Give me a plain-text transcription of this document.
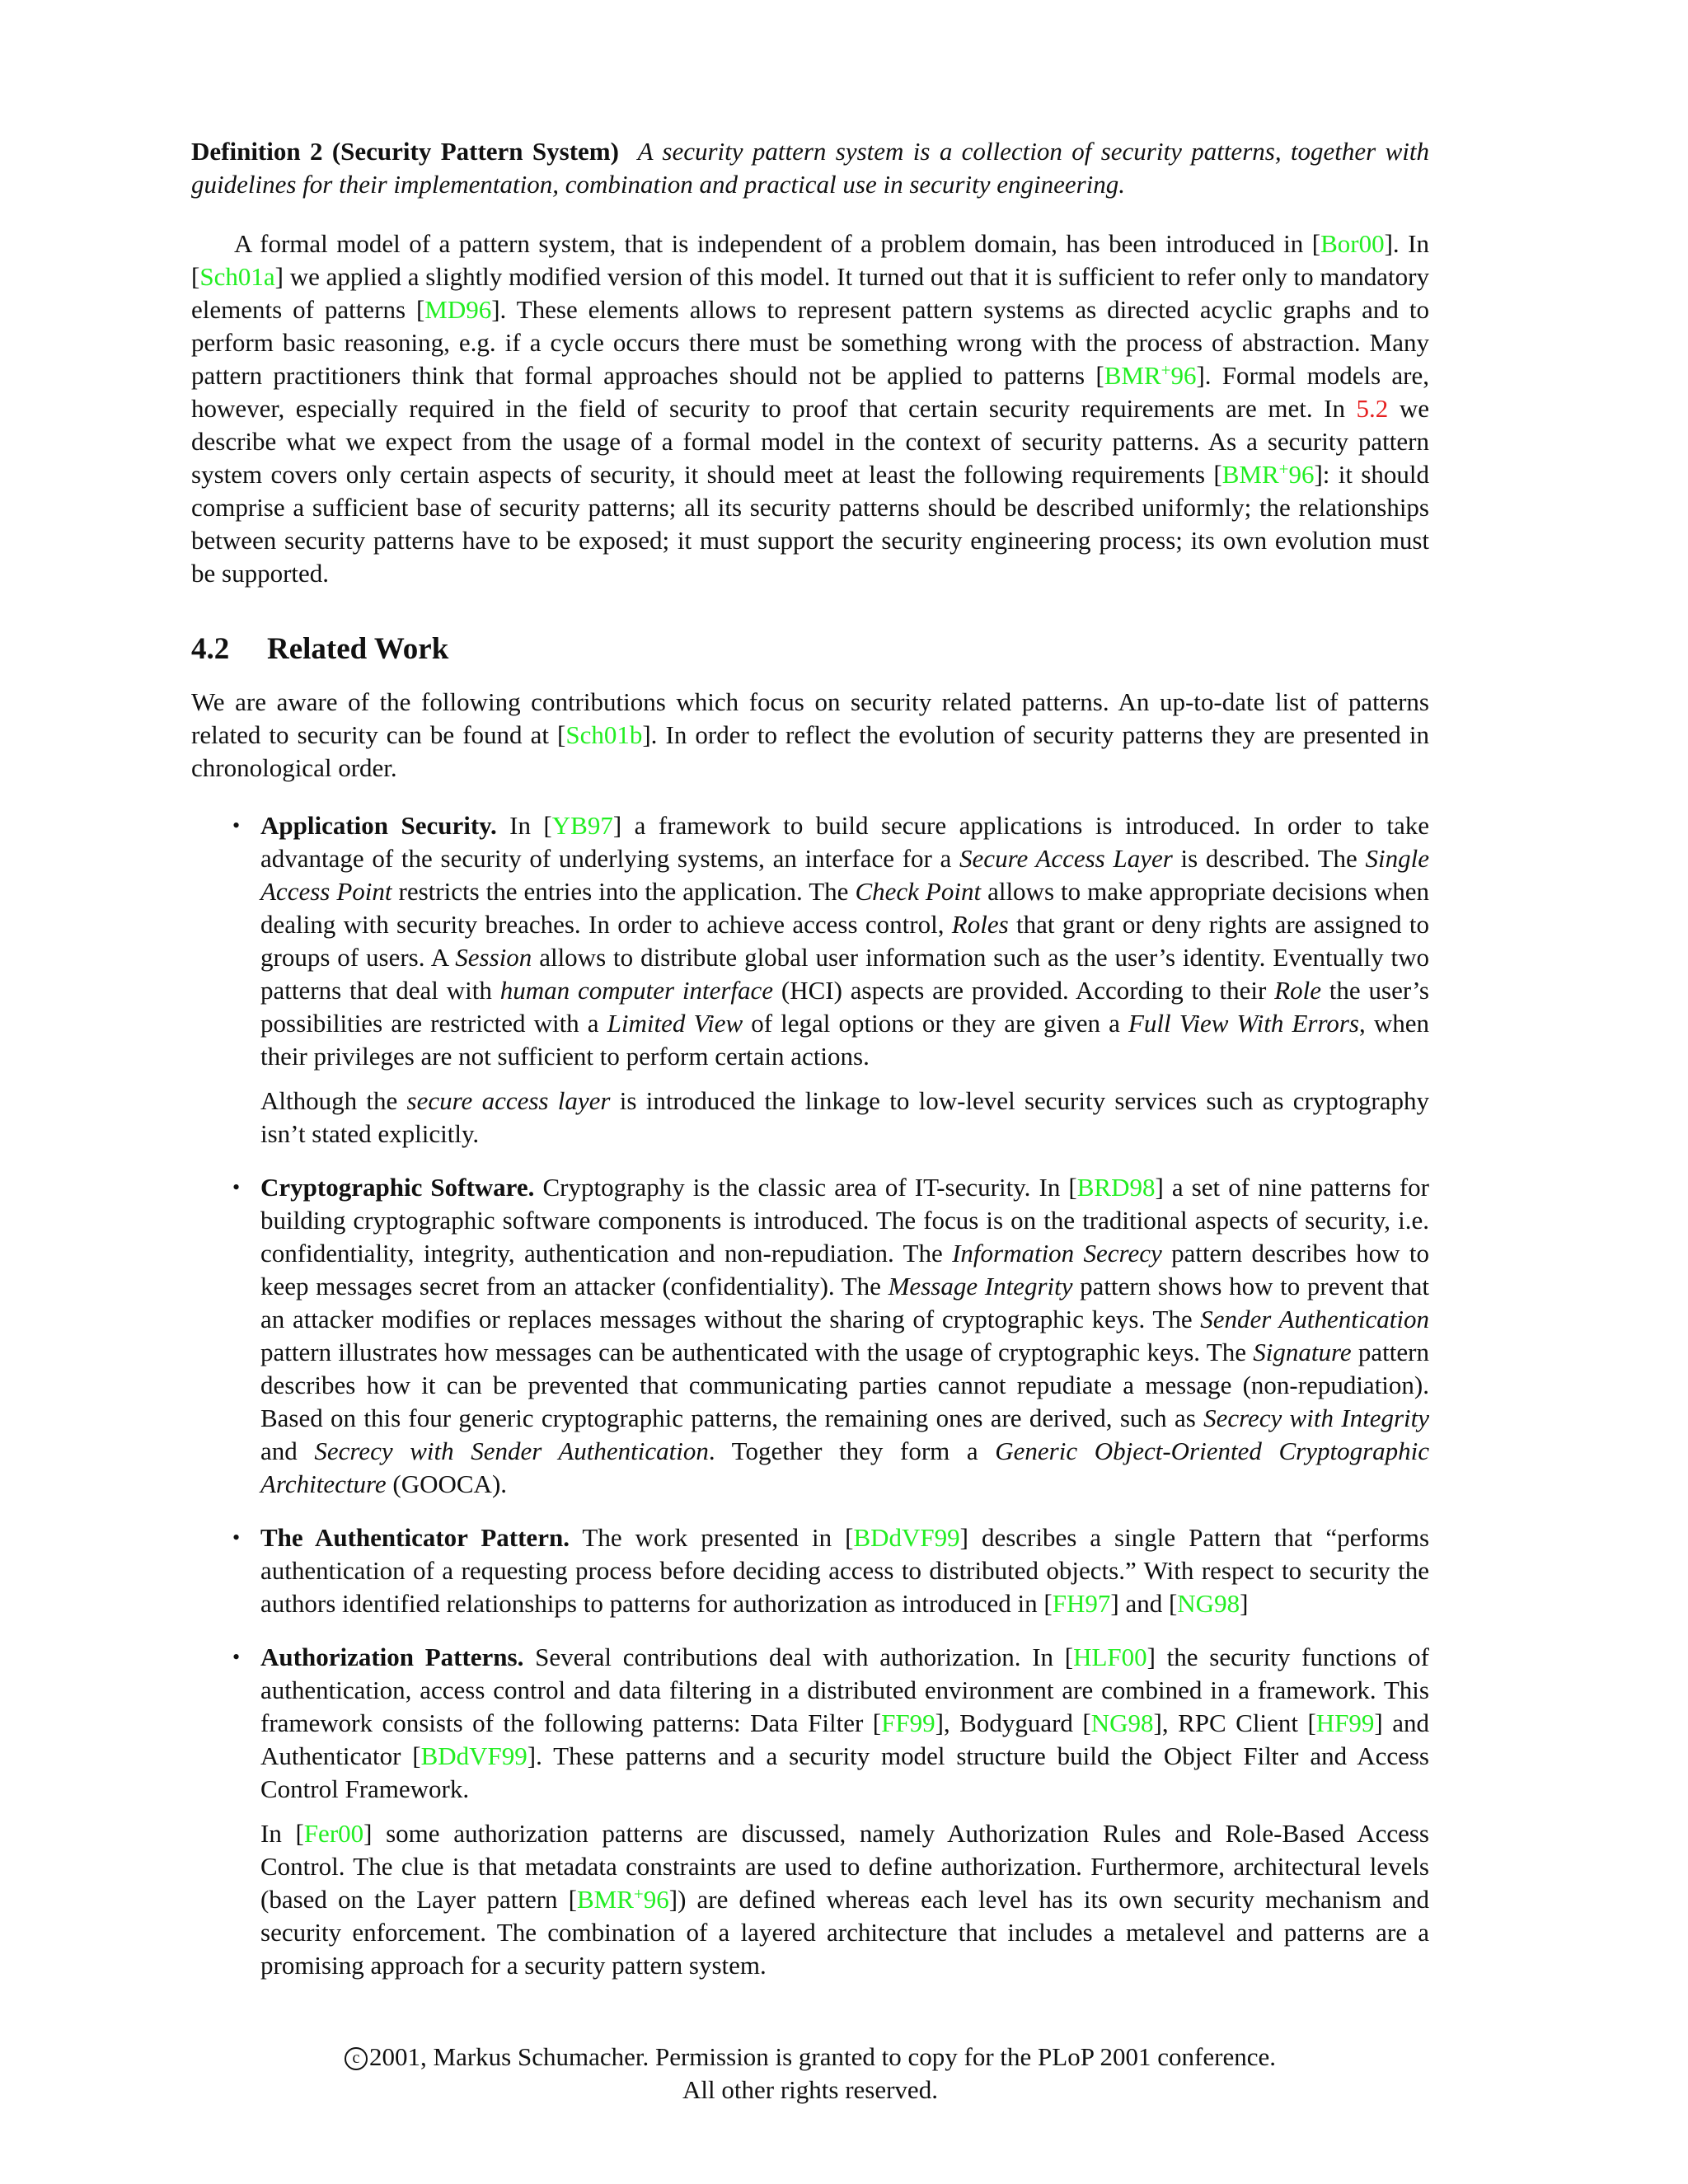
Definition 2 (Security Pattern System) A security pattern system is a collection of security patterns, together with guidelines for their implementation, combination and practical use in security engineering.

A formal model of a pattern system, that is independent of a problem domain, has been introduced in [Bor00]. In [Sch01a] we applied a slightly modified version of this model. It turned out that it is sufficient to refer only to mandatory elements of patterns [MD96]. These elements allows to represent pattern systems as directed acyclic graphs and to perform basic reasoning, e.g. if a cycle occurs there must be something wrong with the process of abstraction. Many pattern practitioners think that formal approaches should not be applied to patterns [BMR+96]. Formal models are, however, especially required in the field of security to proof that certain security requirements are met. In 5.2 we describe what we expect from the usage of a formal model in the context of security patterns. As a security pattern system covers only certain aspects of security, it should meet at least the following requirements [BMR+96]: it should comprise a sufficient base of security patterns; all its security patterns should be described uniformly; the relationships between security patterns have to be exposed; it must support the security engineering process; its own evolution must be supported.

4.2 Related Work

We are aware of the following contributions which focus on security related patterns. An up-to-date list of patterns related to security can be found at [Sch01b]. In order to reflect the evolution of security patterns they are presented in chronological order.

• Application Security. In [YB97] a framework to build secure applications is introduced. In order to take advantage of the security of underlying systems, an interface for a Secure Access Layer is described. The Single Access Point restricts the entries into the application. The Check Point allows to make appropriate decisions when dealing with security breaches. In order to achieve access control, Roles that grant or deny rights are assigned to groups of users. A Session allows to distribute global user information such as the user’s identity. Eventually two patterns that deal with human computer interface (HCI) aspects are provided. According to their Role the user’s possibilities are restricted with a Limited View of legal options or they are given a Full View With Errors, when their privileges are not sufficient to perform certain actions.

Although the secure access layer is introduced the linkage to low-level security services such as cryptography isn’t stated explicitly.

• Cryptographic Software. Cryptography is the classic area of IT-security. In [BRD98] a set of nine patterns for building cryptographic software components is introduced. The focus is on the traditional aspects of security, i.e. confidentiality, integrity, authentication and non-repudiation. The Information Secrecy pattern describes how to keep messages secret from an attacker (confidentiality). The Message Integrity pattern shows how to prevent that an attacker modifies or replaces messages without the sharing of cryptographic keys. The Sender Authentication pattern illustrates how messages can be authenticated with the usage of cryptographic keys. The Signature pattern describes how it can be prevented that communicating parties cannot repudiate a message (non-repudiation). Based on this four generic cryptographic patterns, the remaining ones are derived, such as Secrecy with Integrity and Secrecy with Sender Authentication. Together they form a Generic Object-Oriented Cryptographic Architecture (GOOCA).

• The Authenticator Pattern. The work presented in [BDdVF99] describes a single Pattern that “performs authentication of a requesting process before deciding access to distributed objects.” With respect to security the authors identified relationships to patterns for authorization as introduced in [FH97] and [NG98]

• Authorization Patterns. Several contributions deal with authorization. In [HLF00] the security functions of authentication, access control and data filtering in a distributed environment are combined in a framework. This framework consists of the following patterns: Data Filter [FF99], Bodyguard [NG98], RPC Client [HF99] and Authenticator [BDdVF99]. These patterns and a security model structure build the Object Filter and Access Control Framework.

In [Fer00] some authorization patterns are discussed, namely Authorization Rules and Role-Based Access Control. The clue is that metadata constraints are used to define authorization. Furthermore, architectural levels (based on the Layer pattern [BMR+96]) are defined whereas each level has its own security mechanism and security enforcement. The combination of a layered architecture that includes a metalevel and patterns are a promising approach for a security pattern system.

c 2001, Markus Schumacher. Permission is granted to copy for the PLoP 2001 conference.
All other rights reserved.
